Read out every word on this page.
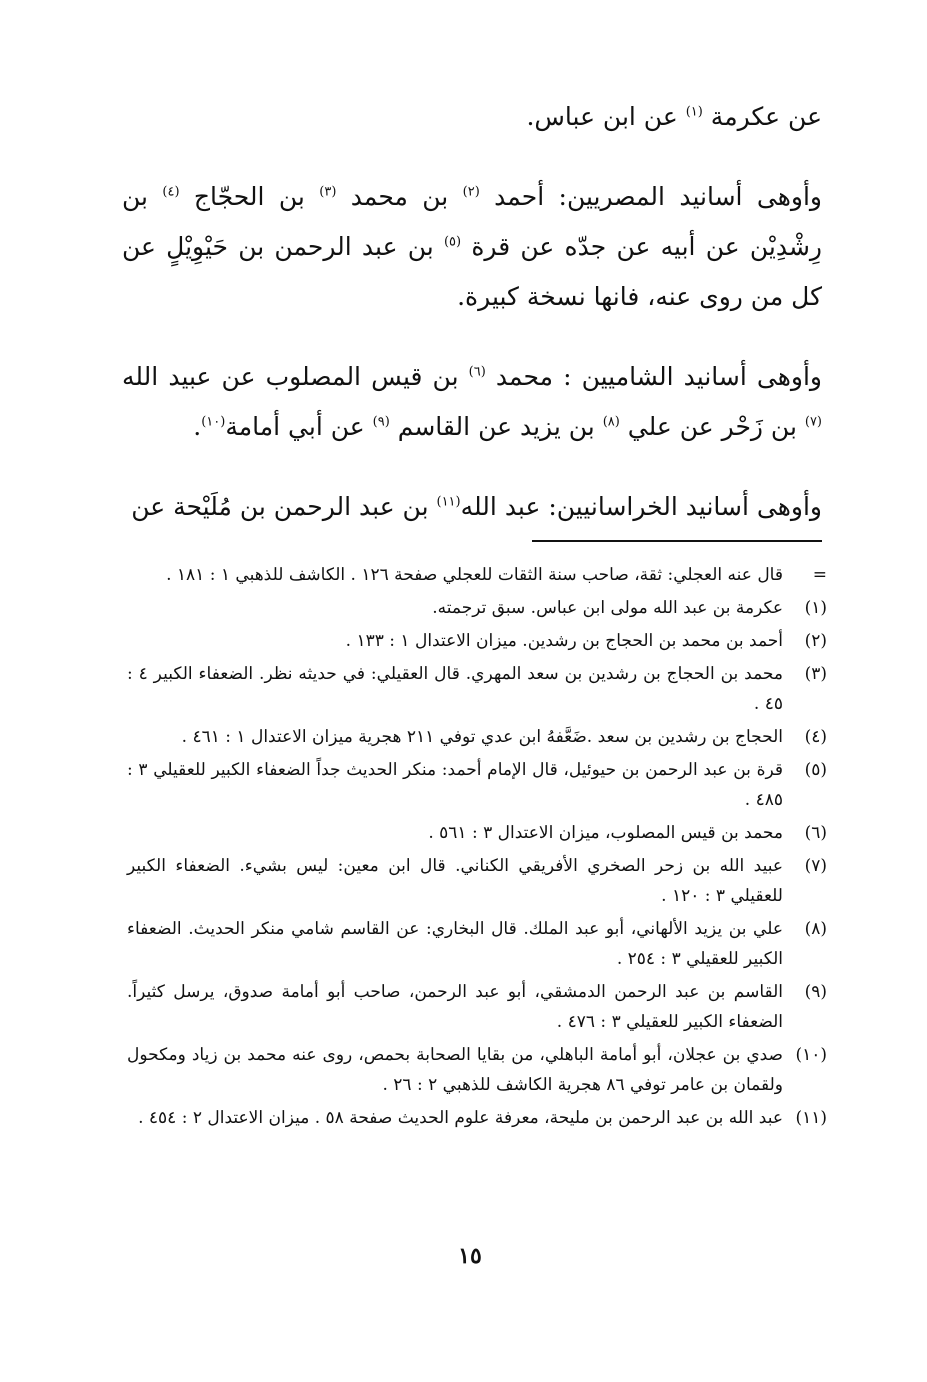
عن عكرمة $^{(١)}$ عن ابن عباس.

وأوهى أسانيد المصريين: أحمد $^{(٢)}$ بن محمد $^{(٣)}$ بن الحجّاج $^{(٤)}$ بن رِشْدِيْن عن أبيه عن جدّه عن قرة $^{(٥)}$ بن عبد الرحمن بن حَيْوِيْلٍ عن كل من روى عنه، فانها نسخة كبيرة.

وأوهى أسانيد الشاميين : محمد $^{(٦)}$ بن قيس المصلوب عن عبيد الله $^{(٧)}$ بن زَحْر عن علي $^{(٨)}$ بن يزيد عن القاسم $^{(٩)}$ عن أبي أمامة$^{(١٠)}$.

وأوهى أسانيد الخراسانيين: عبد الله$^{(١١)}$ بن عبد الرحمن بن مُلَيْحة عن

=
قال عنه العجلي: ثقة، صاحب سنة الثقات للعجلي صفحة ١٢٦ . الكاشف للذهبي ١ : ١٨١ .
(١)
عكرمة بن عبد الله مولى ابن عباس. سبق ترجمته.
(٢)
أحمد بن محمد بن الحجاج بن رشدين. ميزان الاعتدال ١ : ١٣٣ .
(٣)
محمد بن الحجاج بن رشدين بن سعد المهري. قال العقيلي: في حديثه نظر. الضعفاء الكبير ٤ : ٤٥ .
(٤)
الحجاج بن رشدين بن سعد .ضَعَّفهُ ابن عدي توفي ٢١١ هجرية ميزان الاعتدال ١ : ٤٦١ .
(٥)
قرة بن عبد الرحمن بن حيوئيل، قال الإمام أحمد: منكر الحديث جداً الضعفاء الكبير للعقيلي ٣ : ٤٨٥ .
(٦)
محمد بن قيس المصلوب، ميزان الاعتدال ٣ : ٥٦١ .
(٧)
عبيد الله بن زحر الصخري الأفريقي الكناني. قال ابن معين: ليس بشيء. الضعفاء الكبير للعقيلي ٣ : ١٢٠ .
(٨)
علي بن يزيد الألهاني، أبو عبد الملك. قال البخاري: عن القاسم شامي منكر الحديث. الضعفاء الكبير للعقيلي ٣ : ٢٥٤ .
(٩)
القاسم بن عبد الرحمن الدمشقي، أبو عبد الرحمن، صاحب أبو أمامة صدوق، يرسل كثيراً. الضعفاء الكبير للعقيلي ٣ : ٤٧٦ .
(١٠)
صدي بن عجلان، أبو أمامة الباهلي، من بقايا الصحابة بحمص، روى عنه محمد بن زياد ومكحول ولقمان بن عامر توفي ٨٦ هجرية الكاشف للذهبي ٢ : ٢٦ .
(١١)
عبد الله بن عبد الرحمن بن مليحة، معرفة علوم الحديث صفحة ٥٨ . ميزان الاعتدال ٢ : ٤٥٤ .
١٥
